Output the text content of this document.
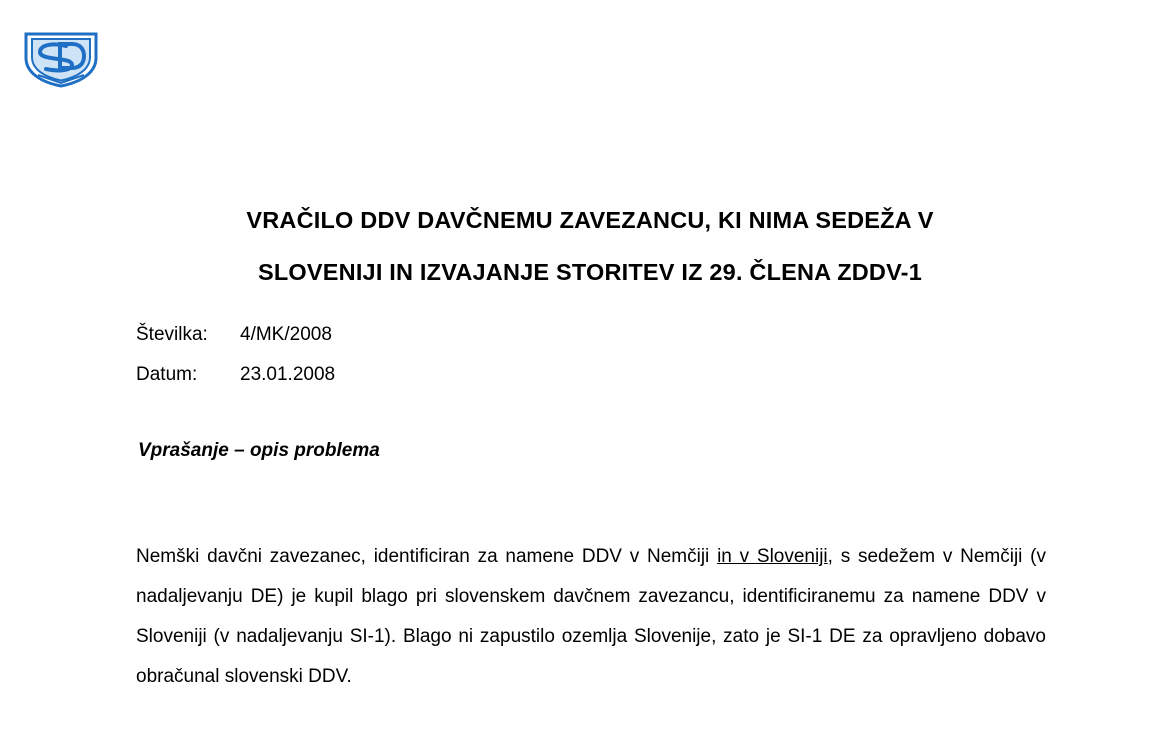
VRAČILO DDV DAVČNEMU ZAVEZANCU, KI NIMA SEDEŽA V
SLOVENIJI IN IZVAJANJE STORITEV IZ 29. ČLENA ZDDV-1
Številka: 4/MK/2008
Datum: 23.01.2008
Vprašanje – opis problema

Nemški davčni zavezanec, identificiran za namene DDV v Nemčiji in v Sloveniji, s sedežem v Nemčiji (v nadaljevanju DE) je kupil blago pri slovenskem davčnem zavezancu, identificiranemu za namene DDV v Sloveniji (v nadaljevanju SI-1). Blago ni zapustilo ozemlja Slovenije, zato je SI-1 DE za opravljeno dobavo obračunal slovenski DDV.
